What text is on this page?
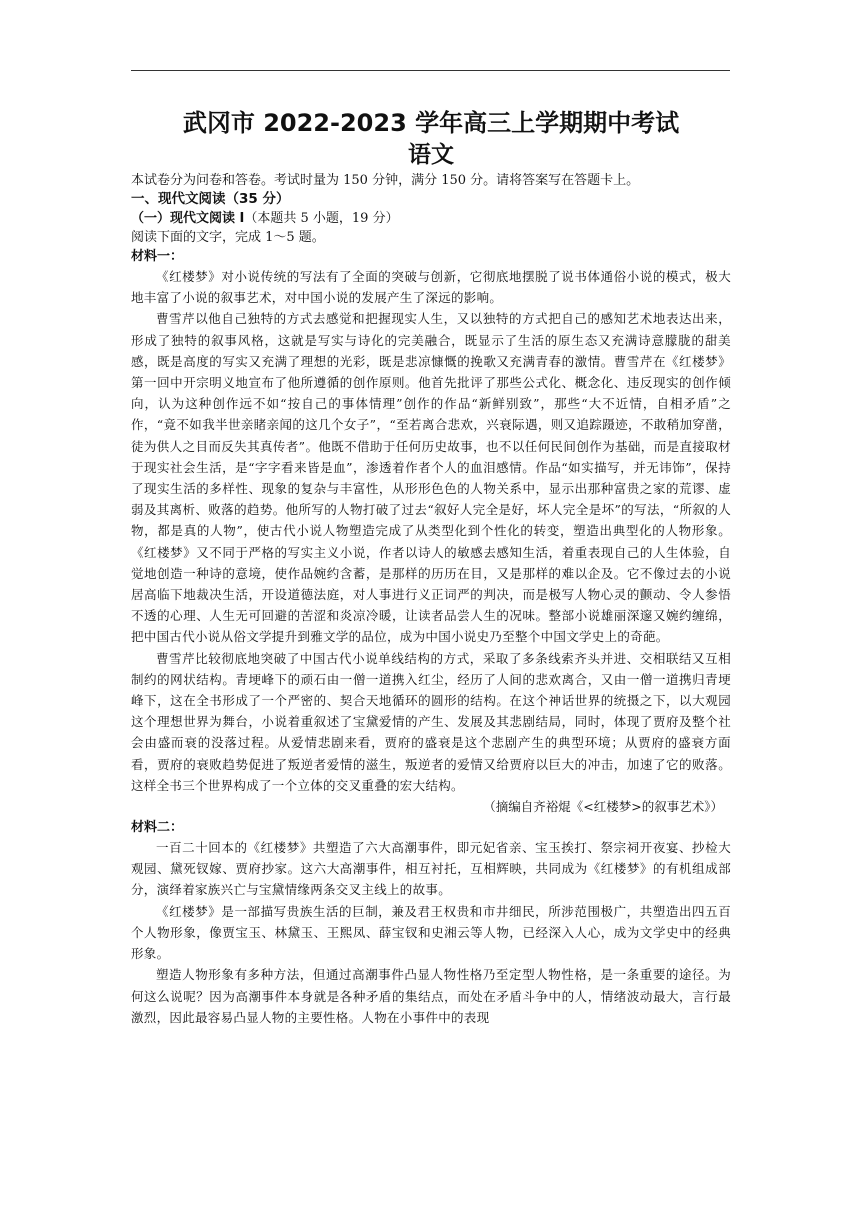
武冈市 2022-2023 学年高三上学期期中考试

语文

本试卷分为问卷和答卷。考试时量为 150 分钟，满分 150 分。请将答案写在答题卡上。

一、现代文阅读（35 分）

（一）现代文阅读 Ⅰ（本题共 5 小题，19 分）

阅读下面的文字，完成 1～5 题。

材料一：

《红楼梦》对小说传统的写法有了全面的突破与创新，它彻底地摆脱了说书体通俗小说的模式，极大地丰富了小说的叙事艺术，对中国小说的发展产生了深远的影响。

曹雪芹以他自己独特的方式去感觉和把握现实人生，又以独特的方式把自己的感知艺术地表达出来，形成了独特的叙事风格，这就是写实与诗化的完美融合，既显示了生活的原生态又充满诗意朦胧的甜美感，既是高度的写实又充满了理想的光彩，既是悲凉慷慨的挽歌又充满青春的激情。曹雪芹在《红楼梦》第一回中开宗明义地宣布了他所遵循的创作原则。他首先批评了那些公式化、概念化、违反现实的创作倾向，认为这种创作远不如“按自己的事体情理”创作的作品“新鲜别致”，那些“大不近情，自相矛盾”之作，“竟不如我半世亲睹亲闻的这几个女子”，“至若离合悲欢，兴衰际遇，则又追踪蹑迹，不敢稍加穿凿，徒为供人之目而反失其真传者”。他既不借助于任何历史故事，也不以任何民间创作为基础，而是直接取材于现实社会生活，是“字字看来皆是血”，渗透着作者个人的血泪感情。作品“如实描写，并无讳饰”，保持了现实生活的多样性、现象的复杂与丰富性，从形形色色的人物关系中，显示出那种富贵之家的荒谬、虚弱及其离析、败落的趋势。他所写的人物打破了过去“叙好人完全是好，坏人完全是坏”的写法，“所叙的人物，都是真的人物”，使古代小说人物塑造完成了从类型化到个性化的转变，塑造出典型化的人物形象。《红楼梦》又不同于严格的写实主义小说，作者以诗人的敏感去感知生活，着重表现自己的人生体验，自觉地创造一种诗的意境，使作品婉约含蓄，是那样的历历在目，又是那样的难以企及。它不像过去的小说居高临下地裁决生活，开设道德法庭，对人事进行义正词严的判决，而是极写人物心灵的颤动、令人参悟不透的心理、人生无可回避的苦涩和炎凉冷暖，让读者品尝人生的况味。整部小说雄丽深邃又婉约缠绵，把中国古代小说从俗文学提升到雅文学的品位，成为中国小说史乃至整个中国文学史上的奇葩。

曹雪芹比较彻底地突破了中国古代小说单线结构的方式，采取了多条线索齐头并进、交相联结又互相制约的网状结构。青埂峰下的顽石由一僧一道携入红尘，经历了人间的悲欢离合，又由一僧一道携归青埂峰下，这在全书形成了一个严密的、契合天地循环的圆形的结构。在这个神话世界的统摄之下，以大观园这个理想世界为舞台，小说着重叙述了宝黛爱情的产生、发展及其悲剧结局，同时，体现了贾府及整个社会由盛而衰的没落过程。从爱情悲剧来看，贾府的盛衰是这个悲剧产生的典型环境；从贾府的盛衰方面看，贾府的衰败趋势促进了叛逆者爱情的滋生，叛逆者的爱情又给贾府以巨大的冲击，加速了它的败落。这样全书三个世界构成了一个立体的交叉重叠的宏大结构。

（摘编自齐裕焜《<红楼梦>的叙事艺术》）

材料二：

一百二十回本的《红楼梦》共塑造了六大高潮事件，即元妃省亲、宝玉挨打、祭宗祠开夜宴、抄检大观园、黛死钗嫁、贾府抄家。这六大高潮事件，相互衬托，互相辉映，共同成为《红楼梦》的有机组成部分，演绎着家族兴亡与宝黛情缘两条交叉主线上的故事。

《红楼梦》是一部描写贵族生活的巨制，兼及君王权贵和市井细民，所涉范围极广，共塑造出四五百个人物形象，像贾宝玉、林黛玉、王熙凤、薛宝钗和史湘云等人物，已经深入人心，成为文学史中的经典形象。

塑造人物形象有多种方法，但通过高潮事件凸显人物性格乃至定型人物性格，是一条重要的途径。为何这么说呢？因为高潮事件本身就是各种矛盾的集结点，而处在矛盾斗争中的人，情绪波动最大，言行最激烈，因此最容易凸显人物的主要性格。人物在小事件中的表现
